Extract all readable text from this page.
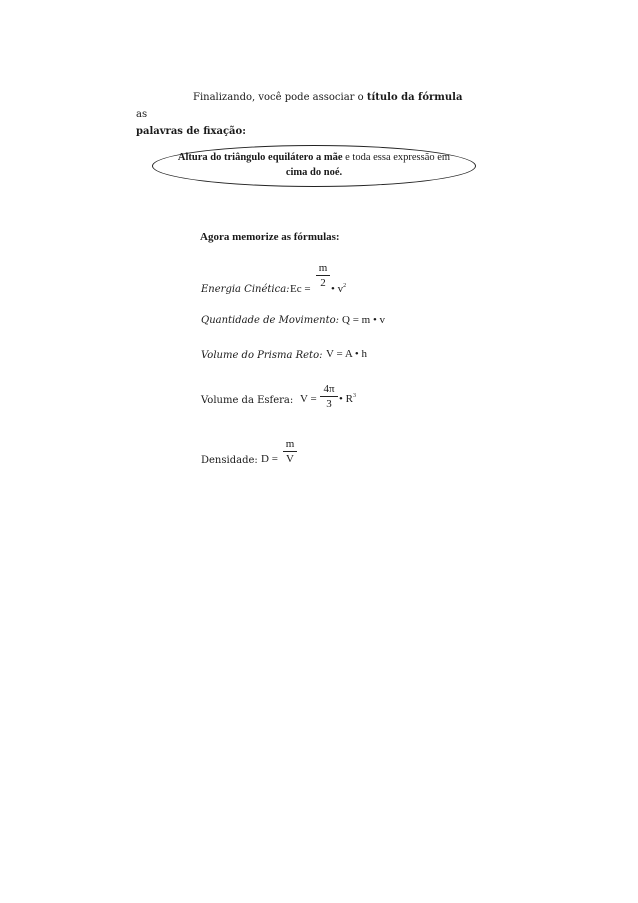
Finalizando, você pode associar o título da fórmula as
palavras de fixação:
Altura do triângulo equilátero a mãe e toda essa expressão em
cima do noé.
Agora memorize as fórmulas:
Energia Cinética: Ec =
m
2 • $v^2$
Quantidade de Movimento: Q = m • v
Volume do Prisma Reto: V = A • h
Volume da Esfera: V =
4π
3 • $R^3$
Densidade: D =
m
V
